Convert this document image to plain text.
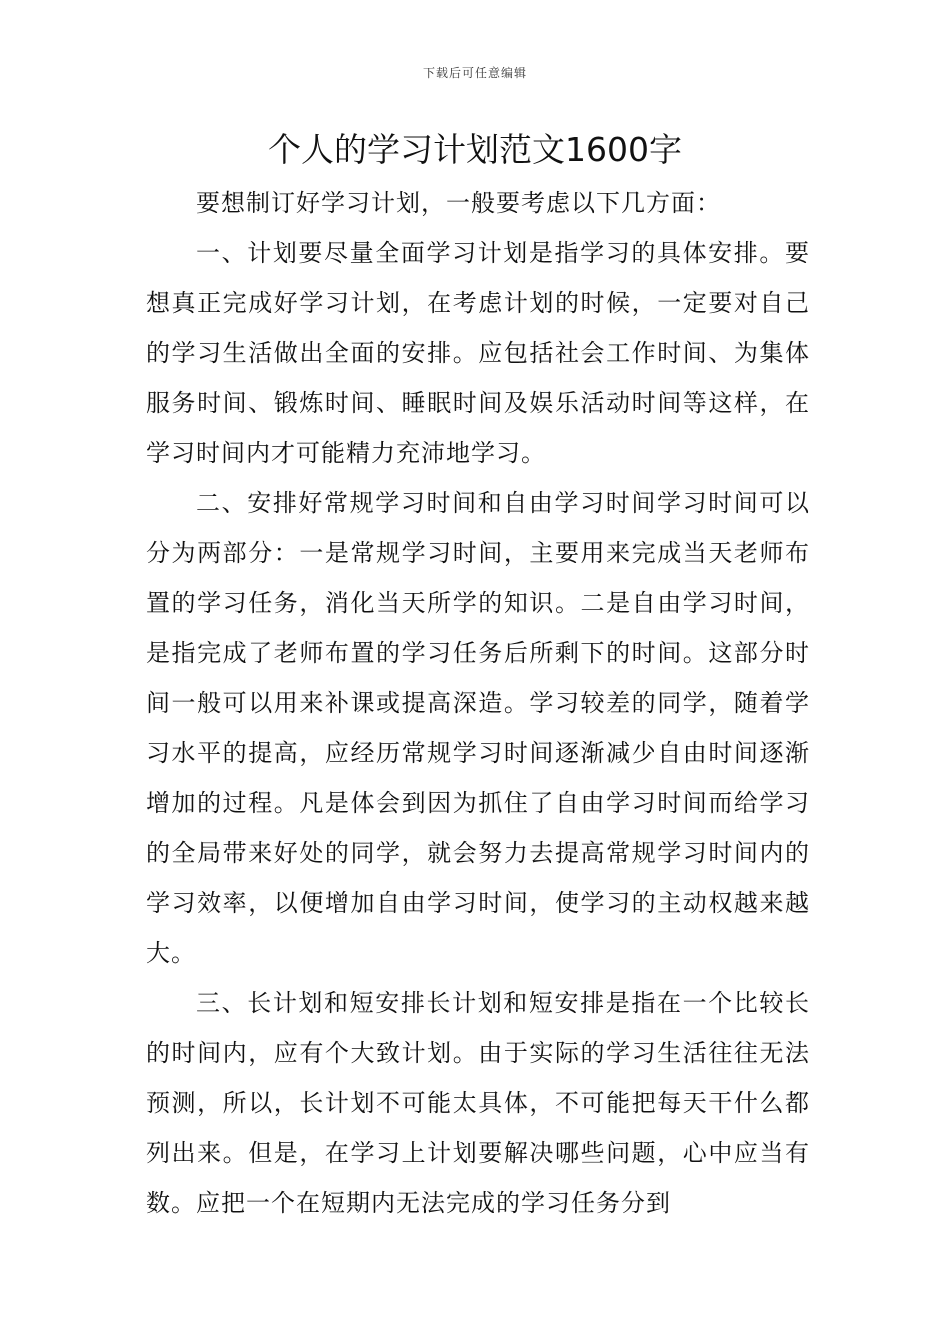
下载后可任意编辑
个人的学习计划范文1600字

要想制订好学习计划，一般要考虑以下几方面：

一、计划要尽量全面学习计划是指学习的具体安排。要想真正完成好学习计划，在考虑计划的时候，一定要对自己的学习生活做出全面的安排。应包括社会工作时间、为集体服务时间、锻炼时间、睡眠时间及娱乐活动时间等这样，在学习时间内才可能精力充沛地学习。

二、安排好常规学习时间和自由学习时间学习时间可以分为两部分：一是常规学习时间，主要用来完成当天老师布置的学习任务，消化当天所学的知识。二是自由学习时间，是指完成了老师布置的学习任务后所剩下的时间。这部分时间一般可以用来补课或提高深造。学习较差的同学，随着学习水平的提高，应经历常规学习时间逐渐减少自由时间逐渐增加的过程。凡是体会到因为抓住了自由学习时间而给学习的全局带来好处的同学，就会努力去提高常规学习时间内的学习效率，以便增加自由学习时间，使学习的主动权越来越大。

三、长计划和短安排长计划和短安排是指在一个比较长的时间内，应有个大致计划。由于实际的学习生活往往无法预测，所以，长计划不可能太具体，不可能把每天干什么都列出来。但是，在学习上计划要解决哪些问题，心中应当有数。应把一个在短期内无法完成的学习任务分到
